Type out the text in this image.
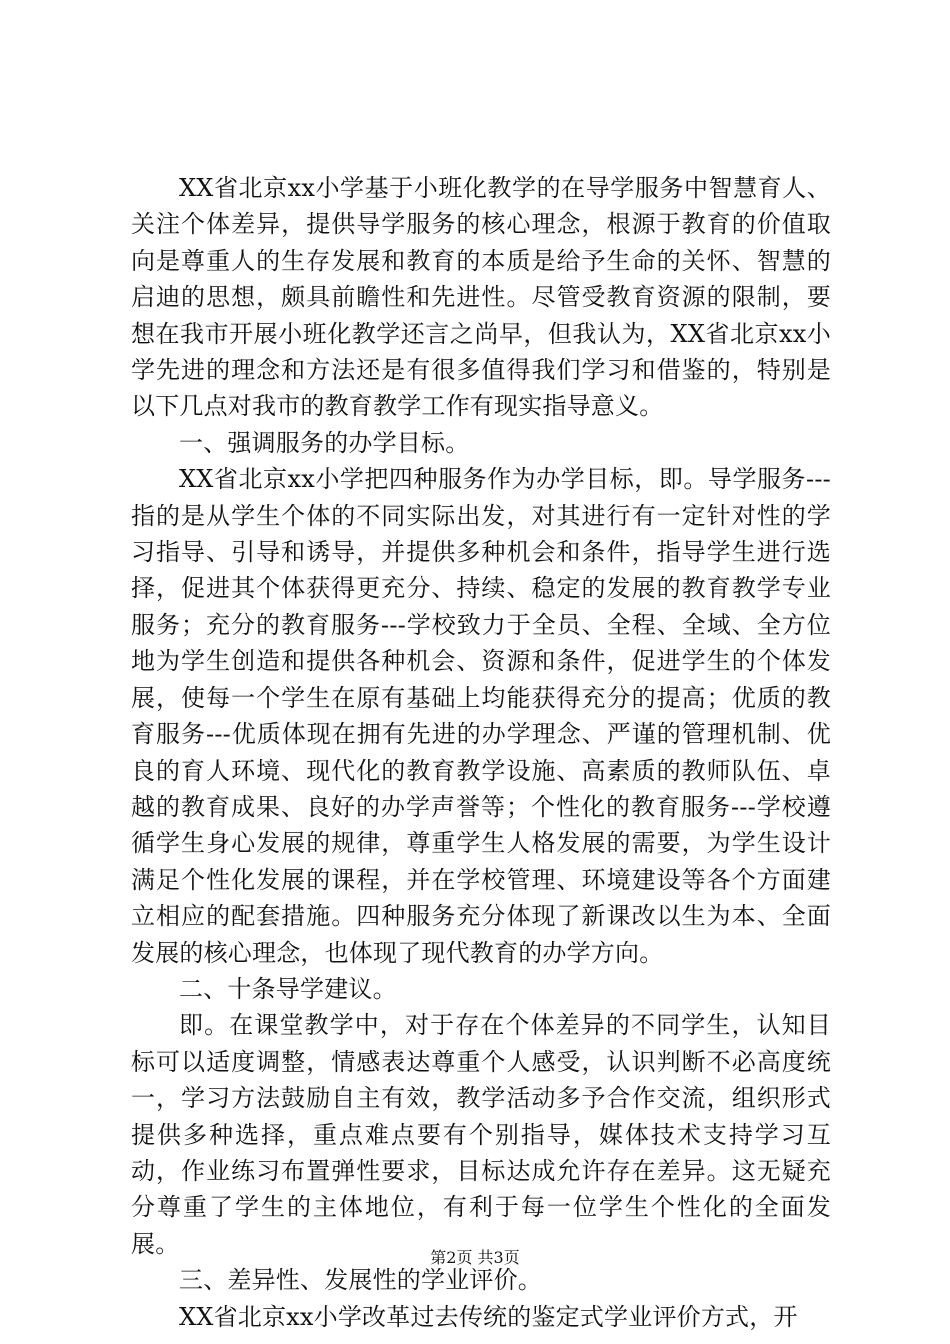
XX省北京xx小学基于小班化教学的在导学服务中智慧育人、关注个体差异，提供导学服务的核心理念，根源于教育的价值取向是尊重人的生存发展和教育的本质是给予生命的关怀、智慧的启迪的思想，颇具前瞻性和先进性。尽管受教育资源的限制，要想在我市开展小班化教学还言之尚早，但我认为，XX省北京xx小学先进的理念和方法还是有很多值得我们学习和借鉴的，特别是以下几点对我市的教育教学工作有现实指导意义。

一、强调服务的办学目标。

XX省北京xx小学把四种服务作为办学目标，即。导学服务---指的是从学生个体的不同实际出发，对其进行有一定针对性的学习指导、引导和诱导，并提供多种机会和条件，指导学生进行选择，促进其个体获得更充分、持续、稳定的发展的教育教学专业服务；充分的教育服务---学校致力于全员、全程、全域、全方位地为学生创造和提供各种机会、资源和条件，促进学生的个体发展，使每一个学生在原有基础上均能获得充分的提高；优质的教育服务---优质体现在拥有先进的办学理念、严谨的管理机制、优良的育人环境、现代化的教育教学设施、高素质的教师队伍、卓越的教育成果、良好的办学声誉等；个性化的教育服务---学校遵循学生身心发展的规律，尊重学生人格发展的需要，为学生设计满足个性化发展的课程，并在学校管理、环境建设等各个方面建立相应的配套措施。四种服务充分体现了新课改以生为本、全面发展的核心理念，也体现了现代教育的办学方向。

二、十条导学建议。

即。在课堂教学中，对于存在个体差异的不同学生，认知目标可以适度调整，情感表达尊重个人感受，认识判断不必高度统一，学习方法鼓励自主有效，教学活动多予合作交流，组织形式提供多种选择，重点难点要有个别指导，媒体技术支持学习互动，作业练习布置弹性要求，目标达成允许存在差异。这无疑充分尊重了学生的主体地位，有利于每一位学生个性化的全面发展。

三、差异性、发展性的学业评价。

XX省北京xx小学改革过去传统的鉴定式学业评价方式，开

第2页 共3页
